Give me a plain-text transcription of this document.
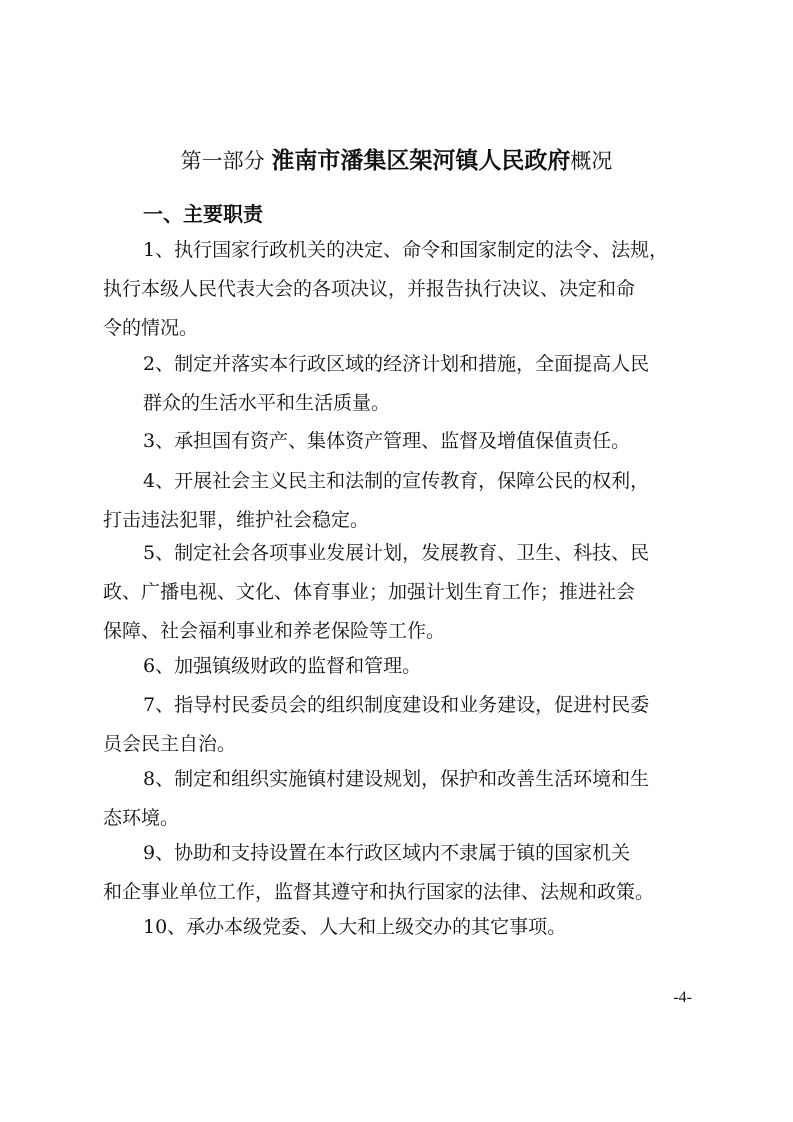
第一部分 淮南市潘集区架河镇人民政府概况
一、主要职责
1、执行国家行政机关的决定、命令和国家制定的法令、法规，
执行本级人民代表大会的各项决议，并报告执行决议、决定和命
令的情况。
2、制定并落实本行政区域的经济计划和措施，全面提高人民
群众的生活水平和生活质量。
3、承担国有资产、集体资产管理、监督及增值保值责任。
4、开展社会主义民主和法制的宣传教育，保障公民的权利，
打击违法犯罪，维护社会稳定。
5、制定社会各项事业发展计划，发展教育、卫生、科技、民
政、广播电视、文化、体育事业；加强计划生育工作；推进社会
保障、社会福利事业和养老保险等工作。
6、加强镇级财政的监督和管理。
7、指导村民委员会的组织制度建设和业务建设，促进村民委
员会民主自治。
8、制定和组织实施镇村建设规划，保护和改善生活环境和生
态环境。
9、协助和支持设置在本行政区域内不隶属于镇的国家机关
和企事业单位工作，监督其遵守和执行国家的法律、法规和政策。
10、承办本级党委、人大和上级交办的其它事项。
-4-
